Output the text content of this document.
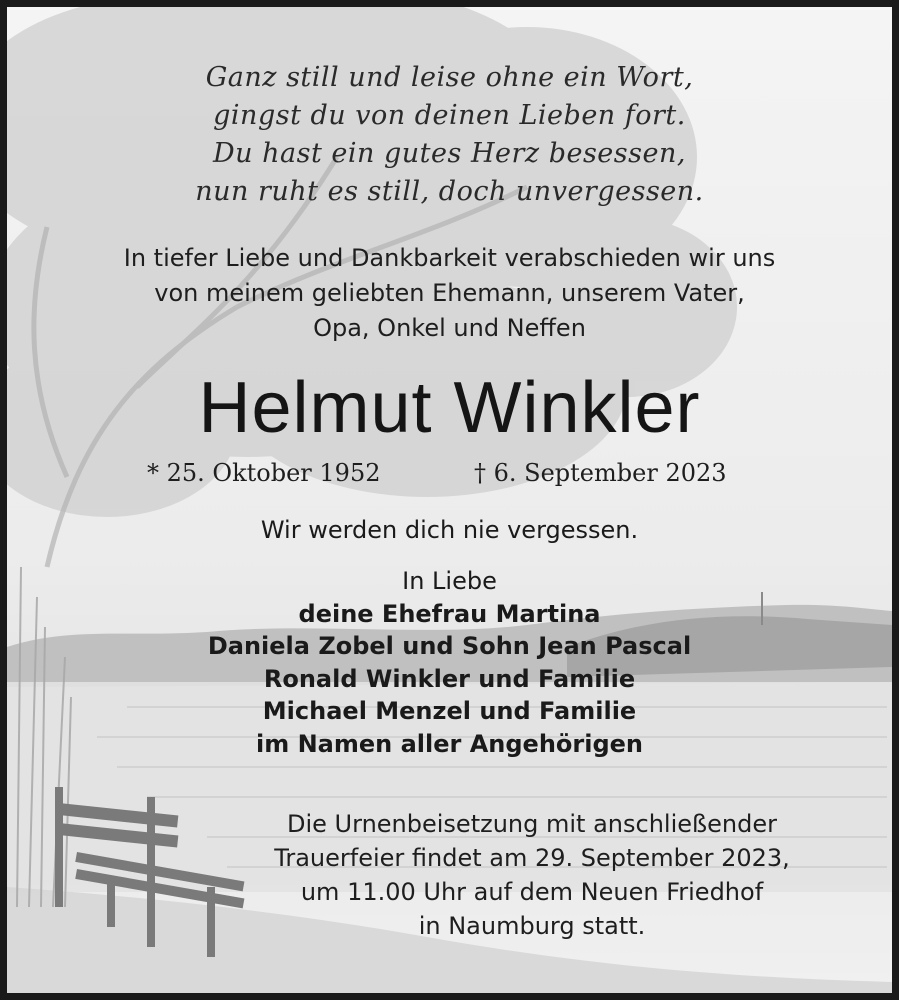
Ganz still und leise ohne ein Wort,
gingst du von deinen Lieben fort.
Du hast ein gutes Herz besessen,
nun ruht es still, doch unvergessen.
In tiefer Liebe und Dankbarkeit verabschieden wir uns
von meinem geliebten Ehemann, unserem Vater,
Opa, Onkel und Neffen
Helmut Winkler
* 25. Oktober 1952	† 6. September 2023
Wir werden dich nie vergessen.
In Liebe
deine Ehefrau Martina
Daniela Zobel und Sohn Jean Pascal
Ronald Winkler und Familie
Michael Menzel und Familie
im Namen aller Angehörigen
Die Urnenbeisetzung mit anschließender
Trauerfeier findet am 29. September 2023,
um 11.00 Uhr auf dem Neuen Friedhof
in Naumburg statt.
